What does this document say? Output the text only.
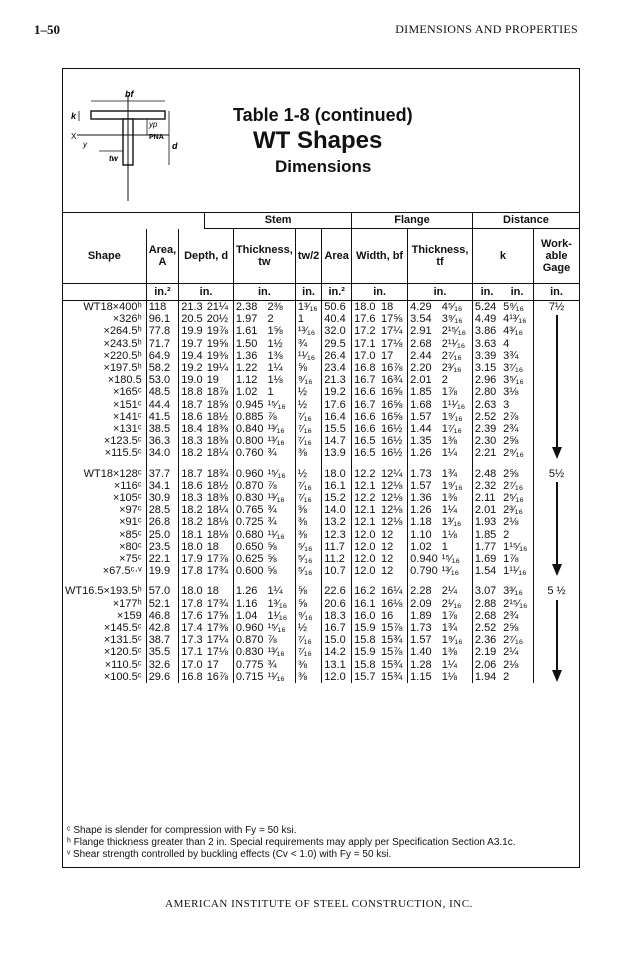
1–50	DIMENSIONS AND PROPERTIES
bf
k
yp
PNA
d
X
y
tw
Table 1-8 (continued)
WT Shapes
Dimensions
			Stem					Flange				Distance		
Shape	Area, A	Depth, d		Thickness, tw		tw/2	Area	Width, bf		Thickness, tf		k		Work-able Gage
	in.²	in.		in.		in.	in.²	in.		in.		in.	in.	in.
WT18×400ʰ	118	21.3	21¼	2.38	2⅜	1³⁄₁₆	50.6	18.0	18	4.29	4⁵⁄₁₆	5.24	5⁹⁄₁₆	7½
×326ʰ	96.1	20.5	20½	1.97	2	1	40.4	17.6	17⅝	3.54	3⁹⁄₁₆	4.49	4¹³⁄₁₆	
×264.5ʰ	77.8	19.9	19⅞	1.61	1⅝	¹³⁄₁₆	32.0	17.2	17¼	2.91	2¹⁵⁄₁₆	3.86	4³⁄₁₆	
×243.5ʰ	71.7	19.7	19⅝	1.50	1½	¾	29.5	17.1	17⅛	2.68	2¹¹⁄₁₆	3.63	4	
×220.5ʰ	64.9	19.4	19⅜	1.36	1⅜	¹¹⁄₁₆	26.4	17.0	17	2.44	2⁷⁄₁₆	3.39	3¾	
×197.5ʰ	58.2	19.2	19¼	1.22	1¼	⅝	23.4	16.8	16⅞	2.20	2³⁄₁₆	3.15	3⁷⁄₁₆	
×180.5	53.0	19.0	19	1.12	1⅛	⁹⁄₁₆	21.3	16.7	16¾	2.01	2	2.96	3⁵⁄₁₆	
×165ᶜ	48.5	18.8	18⅞	1.02	1	½	19.2	16.6	16⅝	1.85	1⅞	2.80	3⅛	
×151ᶜ	44.4	18.7	18⅝	0.945	¹⁵⁄₁₆	½	17.6	16.7	16⅝	1.68	1¹¹⁄₁₆	2.63	3	
×141ᶜ	41.5	18.6	18½	0.885	⅞	⁷⁄₁₆	16.4	16.6	16⅝	1.57	1⁹⁄₁₆	2.52	2⅞	
×131ᶜ	38.5	18.4	18⅜	0.840	¹³⁄₁₆	⁷⁄₁₆	15.5	16.6	16½	1.44	1⁷⁄₁₆	2.39	2¾	
×123.5ᶜ	36.3	18.3	18⅜	0.800	¹³⁄₁₆	⁷⁄₁₆	14.7	16.5	16½	1.35	1⅜	2.30	2⅝	
×115.5ᶜ	34.0	18.2	18¼	0.760	¾	⅜	13.9	16.5	16½	1.26	1¼	2.21	2⁹⁄₁₆	

WT18×128ᶜ	37.7	18.7	18¾	0.960	¹⁵⁄₁₆	½	18.0	12.2	12¼	1.73	1¾	2.48	2⅝	5½
×116ᶜ	34.1	18.6	18½	0.870	⅞	⁷⁄₁₆	16.1	12.1	12⅛	1.57	1⁹⁄₁₆	2.32	2⁷⁄₁₆	
×105ᶜ	30.9	18.3	18⅜	0.830	¹³⁄₁₆	⁷⁄₁₆	15.2	12.2	12⅛	1.36	1⅜	2.11	2⁵⁄₁₆	
×97ᶜ	28.5	18.2	18¼	0.765	¾	⅜	14.0	12.1	12⅛	1.26	1¼	2.01	2³⁄₁₆	
×91ᶜ	26.8	18.2	18⅛	0.725	¾	⅜	13.2	12.1	12⅛	1.18	1³⁄₁₆	1.93	2⅛	
×85ᶜ	25.0	18.1	18⅛	0.680	¹¹⁄₁₆	⅜	12.3	12.0	12	1.10	1⅛	1.85	2	
×80ᶜ	23.5	18.0	18	0.650	⅝	⁵⁄₁₆	11.7	12.0	12	1.02	1	1.77	1¹⁵⁄₁₆	
×75ᶜ	22.1	17.9	17⅞	0.625	⅝	⁵⁄₁₆	11.2	12.0	12	0.940	¹⁵⁄₁₆	1.69	1⅞	
×67.5ᶜ·ᵛ	19.9	17.8	17¾	0.600	⅝	⁵⁄₁₆	10.7	12.0	12	0.790	¹³⁄₁₆	1.54	1¹¹⁄₁₆	

WT16.5×193.5ʰ	57.0	18.0	18	1.26	1¼	⅝	22.6	16.2	16¼	2.28	2¼	3.07	3³⁄₁₆	5 ½
×177ʰ	52.1	17.8	17¾	1.16	1³⁄₁₆	⅝	20.6	16.1	16⅛	2.09	2¹⁄₁₆	2.88	2¹⁵⁄₁₆	
×159	46.8	17.6	17⅝	1.04	1¹⁄₁₆	⁹⁄₁₆	18.3	16.0	16	1.89	1⅞	2.68	2¾	
×145.5ᶜ	42.8	17.4	17⅜	0.960	¹⁵⁄₁₆	½	16.7	15.9	15⅞	1.73	1¾	2.52	2⅝	
×131.5ᶜ	38.7	17.3	17¼	0.870	⅞	⁷⁄₁₆	15.0	15.8	15¾	1.57	1⁹⁄₁₆	2.36	2⁷⁄₁₆	
×120.5ᶜ	35.5	17.1	17⅛	0.830	¹³⁄₁₆	⁷⁄₁₆	14.2	15.9	15⅞	1.40	1⅜	2.19	2¼	
×110.5ᶜ	32.6	17.0	17	0.775	¾	⅜	13.1	15.8	15¾	1.28	1¼	2.06	2⅛	
×100.5ᶜ	29.6	16.8	16⅞	0.715	¹¹⁄₁₆	⅜	12.0	15.7	15¾	1.15	1⅛	1.94	2	
ᶜ Shape is slender for compression with Fy = 50 ksi.
ʰ Flange thickness greater than 2 in. Special requirements may apply per Specification Section A3.1c.
ᵛ Shear strength controlled by buckling effects (Cv < 1.0) with Fy = 50 ksi.
AMERICAN INSTITUTE OF STEEL CONSTRUCTION, INC.
